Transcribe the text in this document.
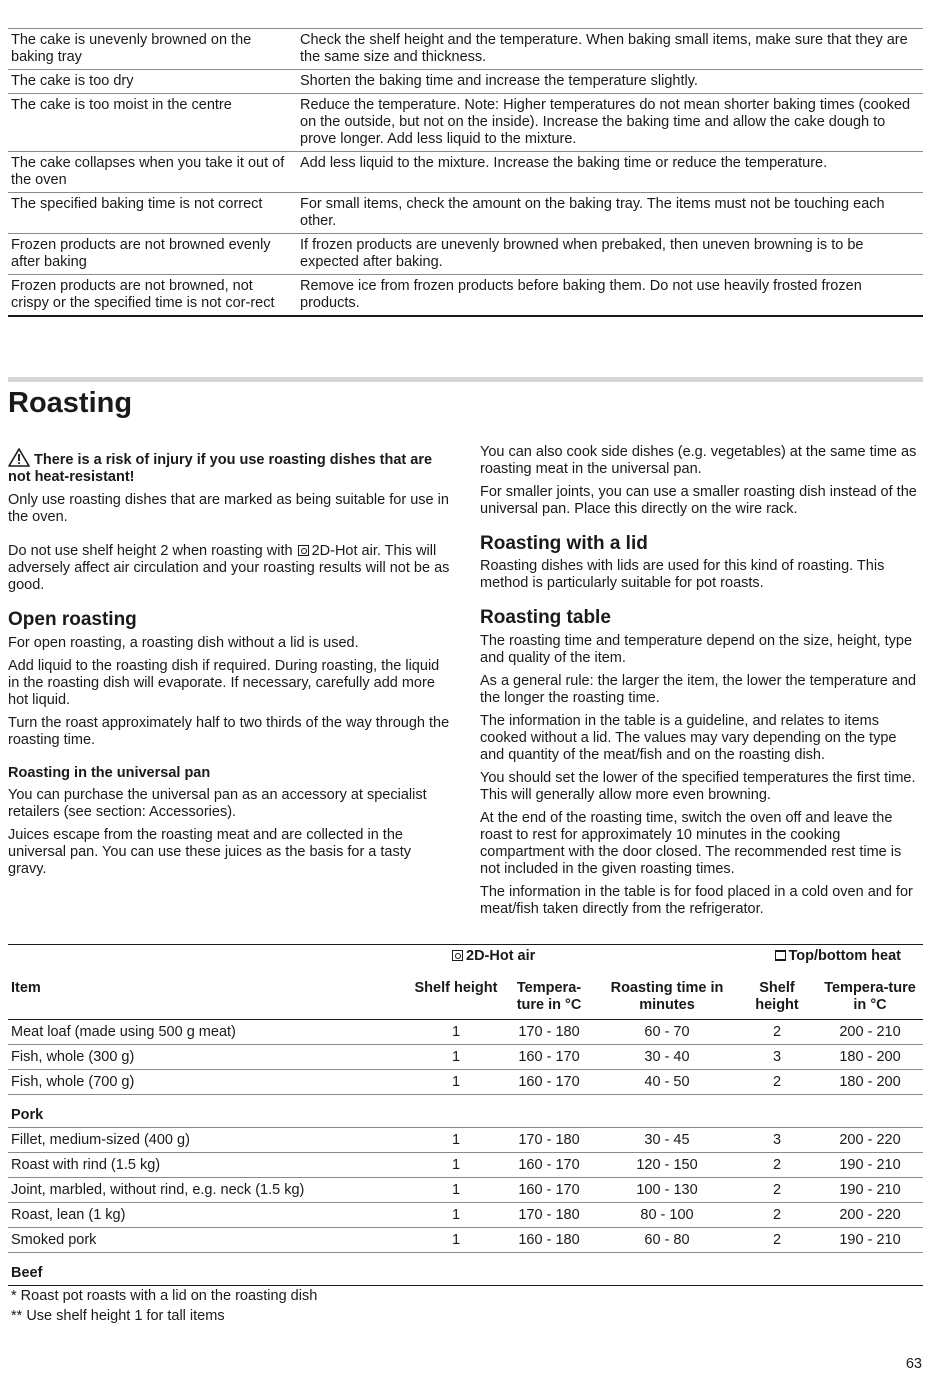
The cake is unevenly browned on the baking tray	Check the shelf height and the temperature. When baking small items, make sure that they are the same size and thickness.
The cake is too dry	Shorten the baking time and increase the temperature slightly.
The cake is too moist in the centre	Reduce the temperature. Note: Higher temperatures do not mean shorter baking times (cooked on the outside, but not on the inside). Increase the baking time and allow the cake dough to prove longer. Add less liquid to the mixture.
The cake collapses when you take it out of the oven	Add less liquid to the mixture. Increase the baking time or reduce the temperature.
The specified baking time is not correct	For small items, check the amount on the baking tray. The items must not be touching each other.
Frozen products are not browned evenly after baking	If frozen products are unevenly browned when prebaked, then uneven browning is to be expected after baking.
Frozen products are not browned, not crispy or the specified time is not cor-rect	Remove ice from frozen products before baking them. Do not use heavily frosted frozen products.
Roasting

There is a risk of injury if you use roasting dishes that are not heat-resistant!

Only use roasting dishes that are marked as being suitable for use in the oven.

Do not use shelf height 2 when roasting with 2D-Hot air. This will adversely affect air circulation and your roasting results will not be as good.

Open roasting

For open roasting, a roasting dish without a lid is used.

Add liquid to the roasting dish if required. During roasting, the liquid in the roasting dish will evaporate. If necessary, carefully add more hot liquid.

Turn the roast approximately half to two thirds of the way through the roasting time.

Roasting in the universal pan

You can purchase the universal pan as an accessory at specialist retailers (see section: Accessories).

Juices escape from the roasting meat and are collected in the universal pan. You can use these juices as the basis for a tasty gravy.

You can also cook side dishes (e.g. vegetables) at the same time as roasting meat in the universal pan.

For smaller joints, you can use a smaller roasting dish instead of the universal pan. Place this directly on the wire rack.

Roasting with a lid

Roasting dishes with lids are used for this kind of roasting. This method is particularly suitable for pot roasts.

Roasting table

The roasting time and temperature depend on the size, height, type and quality of the item.

As a general rule: the larger the item, the lower the temperature and the longer the roasting time.

The information in the table is a guideline, and relates to items cooked without a lid. The values may vary depending on the type and quantity of the meat/fish and on the roasting dish.

You should set the lower of the specified temperatures the first time. This will generally allow more even browning.

At the end of the roasting time, switch the oven off and leave the roast to rest for approximately 10 minutes in the cooking compartment with the door closed. The recommended rest time is not included in the given roasting times.

The information in the table is for food placed in a cold oven and for meat/fish taken directly from the refrigerator.

	2D-Hot air			Top/bottom heat	
Item	Shelf height	Tempera-ture in °C	Roasting time in minutes	Shelf height	Tempera-ture in °C
Meat loaf (made using 500 g meat)	1	170 - 180	60 - 70	2	200 - 210
Fish, whole (300 g)	1	160 - 170	30 - 40	3	180 - 200
Fish, whole (700 g)	1	160 - 170	40 - 50	2	180 - 200
Pork					
Fillet, medium-sized (400 g)	1	170 - 180	30 - 45	3	200 - 220
Roast with rind (1.5 kg)	1	160 - 170	120 - 150	2	190 - 210
Joint, marbled, without rind, e.g. neck (1.5 kg)	1	160 - 170	100 - 130	2	190 - 210
Roast, lean (1 kg)	1	170 - 180	80 - 100	2	200 - 220
Smoked pork	1	160 - 180	60 - 80	2	190 - 210
Beef					
* Roast pot roasts with a lid on the roasting dish
** Use shelf height 1 for tall items
63
